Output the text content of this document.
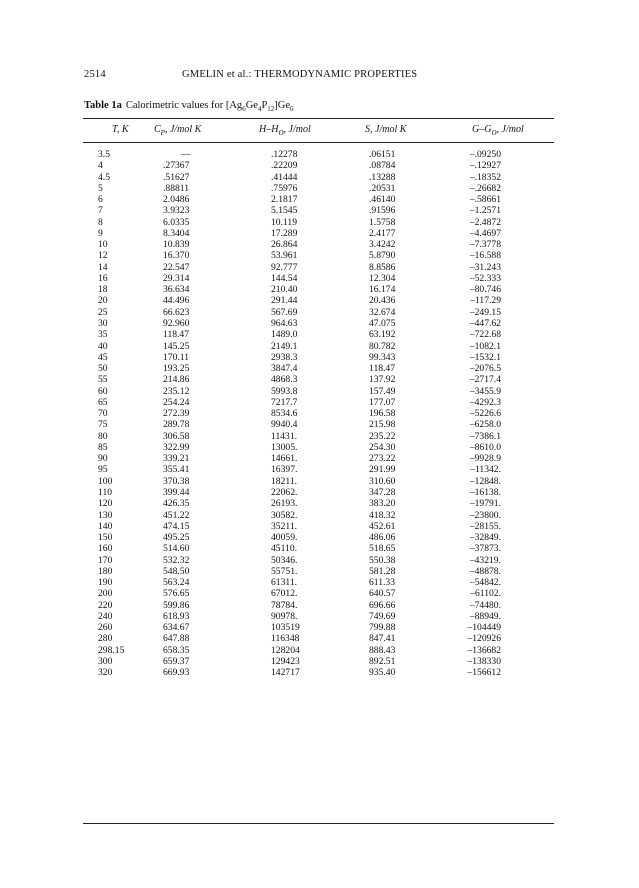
2514	GMELIN et al.: THERMODYNAMIC PROPERTIES
Table 1a Calorimetric values for $[Ag_6Ge_4P_{12}]Ge_6$
T, K	$C_P$, J/mol K	$H-H_O$, J/mol	S, J/mol K	$G-G_O$, J/mol
3.5	—	.12278	.06151	–.09250
4	.27367	.22209	.08784	–.12927
4.5	.51627	.41444	.13288	–.18352
5	.88811	.75976	.20531	–.26682
6	2.0486	2.1817	.46140	–.58661
7	3.9323	5.1545	.91596	–1.2571
8	6.0335	10.119	1.5758	–2.4872
9	8.3404	17.289	2.4177	–4.4697
10	10.839	26.864	3.4242	–7.3778
12	16.370	53.961	5.8790	–16.588
14	22.547	92.777	8.8586	–31.243
16	29.314	144.54	12.304	–52.333
18	36.634	210.40	16.174	–80.746
20	44.496	291.44	20.436	–117.29
25	66.623	567.69	32.674	–249.15
30	92.960	964.63	47.075	–447.62
35	118.47	1489.0	63.192	–722.68
40	145.25	2149.1	80.782	–1082.1
45	170.11	2938.3	99.343	–1532.1
50	193.25	3847.4	118.47	–2076.5
55	214.86	4868.3	137.92	–2717.4
60	235.12	5993.8	157.49	–3455.9
65	254.24	7217.7	177.07	–4292.3
70	272.39	8534.6	196.58	–5226.6
75	289.78	9940.4	215.98	–6258.0
80	306.58	11431.	235.22	–7386.1
85	322.99	13005.	254.30	–8610.0
90	339.21	14661.	273.22	–9928.9
95	355.41	16397.	291.99	–11342.
100	370.38	18211.	310.60	–12848.
110	399.44	22062.	347.28	–16138.
120	426.35	26193.	383.20	–19791.
130	451.22	30582.	418.32	–23800.
140	474.15	35211.	452.61	–28155.
150	495.25	40059.	486.06	–32849.
160	514.60	45110.	518.65	–37873.
170	532.32	50346.	550.38	–43219.
180	548.50	55751.	581.28	–48878.
190	563.24	61311.	611.33	–54842.
200	576.65	67012.	640.57	–61102.
220	599.86	78784.	696.66	–74480.
240	618.93	90978.	749.69	–88949.
260	634.67	103519	799.88	–104449
280	647.88	116348	847.41	–120926
298.15	658.35	128204	888.43	–136682
300	659.37	129423	892.51	–138330
320	669.93	142717	935.40	–156612
